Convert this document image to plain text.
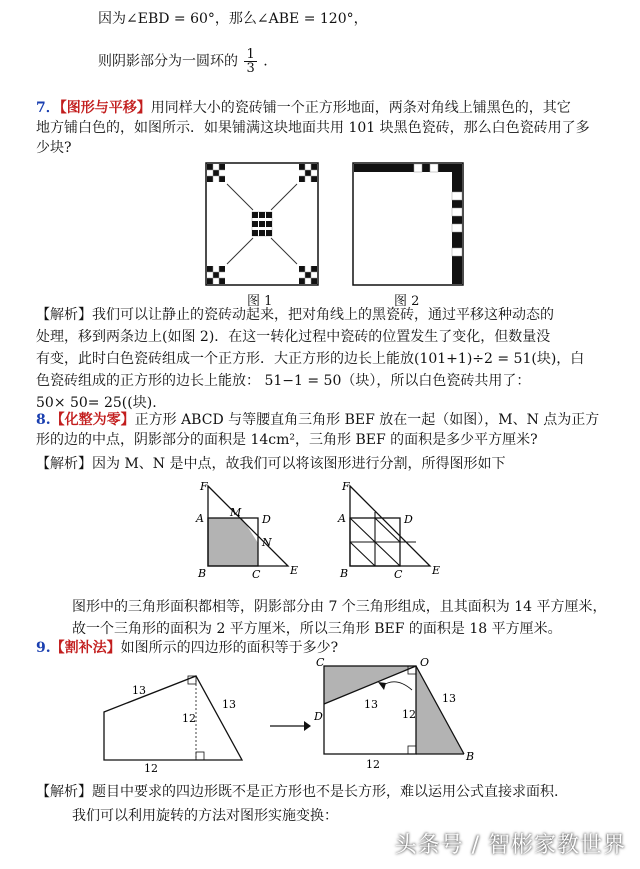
因为∠EBD = 60°，那么∠ABE = 120°，
则阴影部分为一圆环的 $\frac{1}{3}$ .
7．【图形与平移】用同样大小的瓷砖铺一个正方形地面，两条对角线上铺黑色的，其它
地方铺白色的，如图所示．如果铺满这块地面共用 101 块黑色瓷砖，那么白色瓷砖用了多
少块?
图 1	图 2
【解析】我们可以让静止的瓷砖动起来，把对角线上的黑瓷砖，通过平移这种动态的
处理，移到两条边上(如图 2)．在这一转化过程中瓷砖的位置发生了变化，但数量没
有变，此时白色瓷砖组成一个正方形．大正方形的边长上能放(101+1)÷2 = 51(块)，白
色瓷砖组成的正方形的边长上能放： 51−1 = 50（块），所以白色瓷砖共用了：
50× 50= 25((块).
8.【化整为零】正方形 ABCD 与等腰直角三角形 BEF 放在一起（如图），M、N 点为正方
形的边的中点，阴影部分的面积是 14cm²，三角形 BEF 的面积是多少平方厘米?
【解析】因为 M、N 是中点，故我们可以将该图形进行分割，所得图形如下
F
A M
D
N
B	C	E
A
F
D
B	C	E
图形中的三角形面积都相等，阴影部分由 7 个三角形组成，且其面积为 14 平方厘米，
故一个三角形的面积为 2 平方厘米，所以三角形 BEF 的面积是 18 平方厘米。
9.【割补法】如图所示的四边形的面积等于多少?
13
13
12
12
C	O
D
B
13
12
13
12
【解析】题目中要求的四边形既不是正方形也不是长方形，难以运用公式直接求面积.
我们可以利用旋转的方法对图形实施变换：
头条号 / 智彬家教世界
